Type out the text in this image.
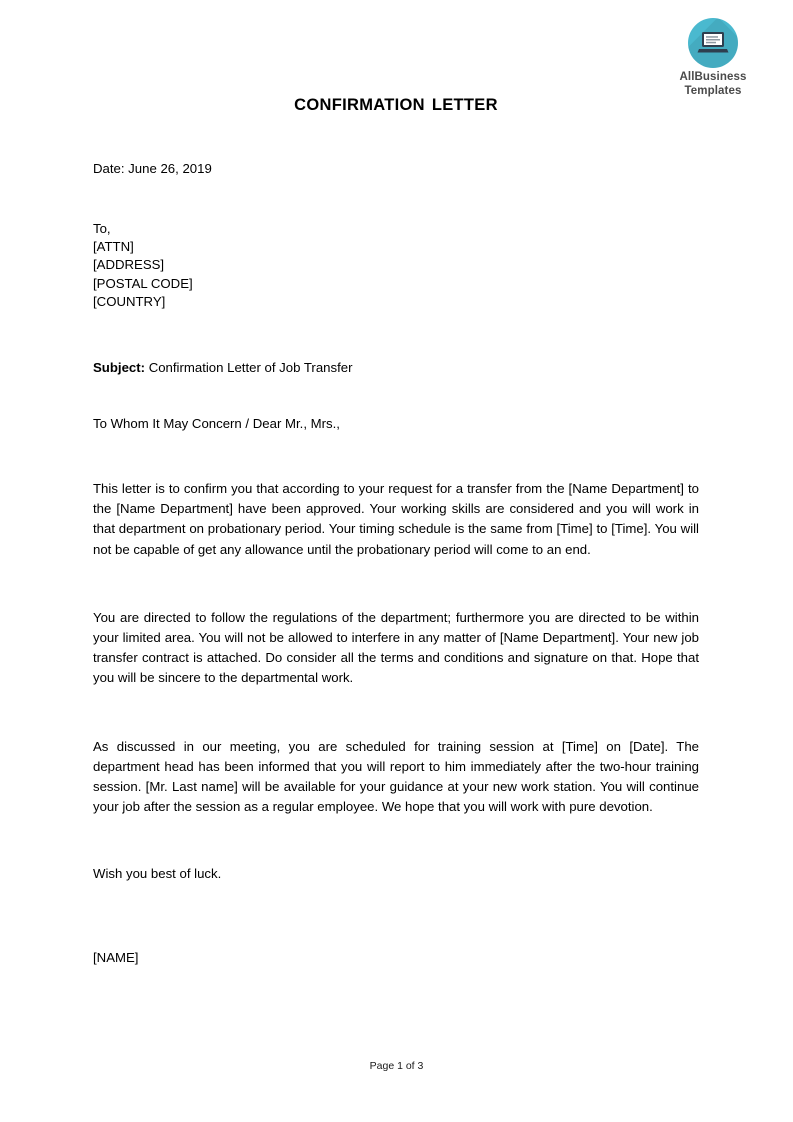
AllBusiness
Templates
CONFIRMATION LETTER
Date: June 26, 2019
To,
[ATTN]
[ADDRESS]
[POSTAL CODE]
[COUNTRY]
Subject: Confirmation Letter of Job Transfer
To Whom It May Concern / Dear Mr., Mrs.,
This letter is to confirm you that according to your request for a transfer from the [Name Department] to the [Name Department] have been approved. Your working skills are considered and you will work in that department on probationary period. Your timing schedule is the same from [Time] to [Time]. You will not be capable of get any allowance until the probationary period will come to an end.
You are directed to follow the regulations of the department; furthermore you are directed to be within your limited area. You will not be allowed to interfere in any matter of [Name Department]. Your new job transfer contract is attached. Do consider all the terms and conditions and signature on that. Hope that you will be sincere to the departmental work.
As discussed in our meeting, you are scheduled for training session at [Time] on [Date]. The department head has been informed that you will report to him immediately after the two-hour training session. [Mr. Last name] will be available for your guidance at your new work station. You will continue your job after the session as a regular employee. We hope that you will work with pure devotion.
Wish you best of luck.
[NAME]
Page 1 of 3
